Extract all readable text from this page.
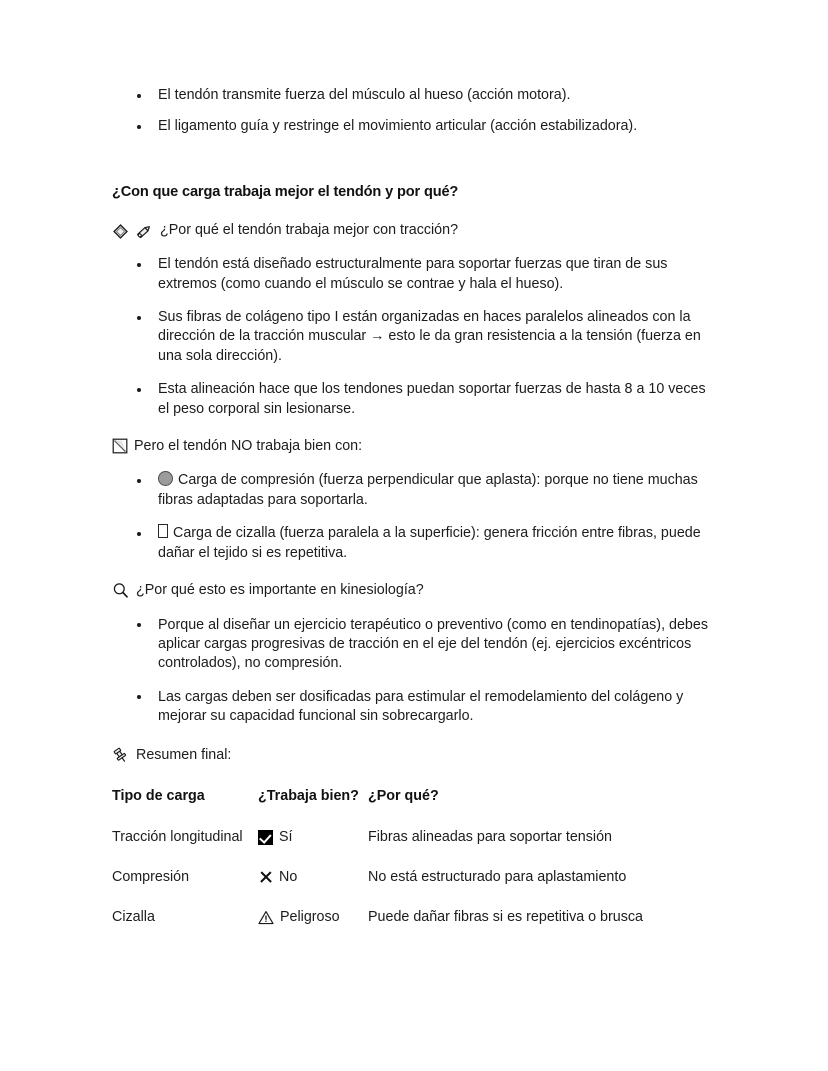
El tendón transmite fuerza del músculo al hueso (acción motora).
El ligamento guía y restringe el movimiento articular (acción estabilizadora).
¿Con que carga trabaja mejor el tendón y por qué?
¿Por qué el tendón trabaja mejor con tracción?
El tendón está diseñado estructuralmente para soportar fuerzas que tiran de sus extremos (como cuando el músculo se contrae y hala el hueso).
Sus fibras de colágeno tipo I están organizadas en haces paralelos alineados con la dirección de la tracción muscular → esto le da gran resistencia a la tensión (fuerza en una sola dirección).
Esta alineación hace que los tendones puedan soportar fuerzas de hasta 8 a 10 veces el peso corporal sin lesionarse.
Pero el tendón NO trabaja bien con:
Carga de compresión (fuerza perpendicular que aplasta): porque no tiene muchas fibras adaptadas para soportarla.
Carga de cizalla (fuerza paralela a la superficie): genera fricción entre fibras, puede dañar el tejido si es repetitiva.
¿Por qué esto es importante en kinesiología?
Porque al diseñar un ejercicio terapéutico o preventivo (como en tendinopatías), debes aplicar cargas progresivas de tracción en el eje del tendón (ej. ejercicios excéntricos controlados), no compresión.
Las cargas deben ser dosificadas para estimular el remodelamiento del colágeno y mejorar su capacidad funcional sin sobrecargarlo.
Resumen final:
Tipo de carga	¿Trabaja bien?	¿Por qué?
Tracción longitudinal	Sí	Fibras alineadas para soportar tensión
Compresión	No	No está estructurado para aplastamiento
Cizalla	Peligroso	Puede dañar fibras si es repetitiva o brusca
